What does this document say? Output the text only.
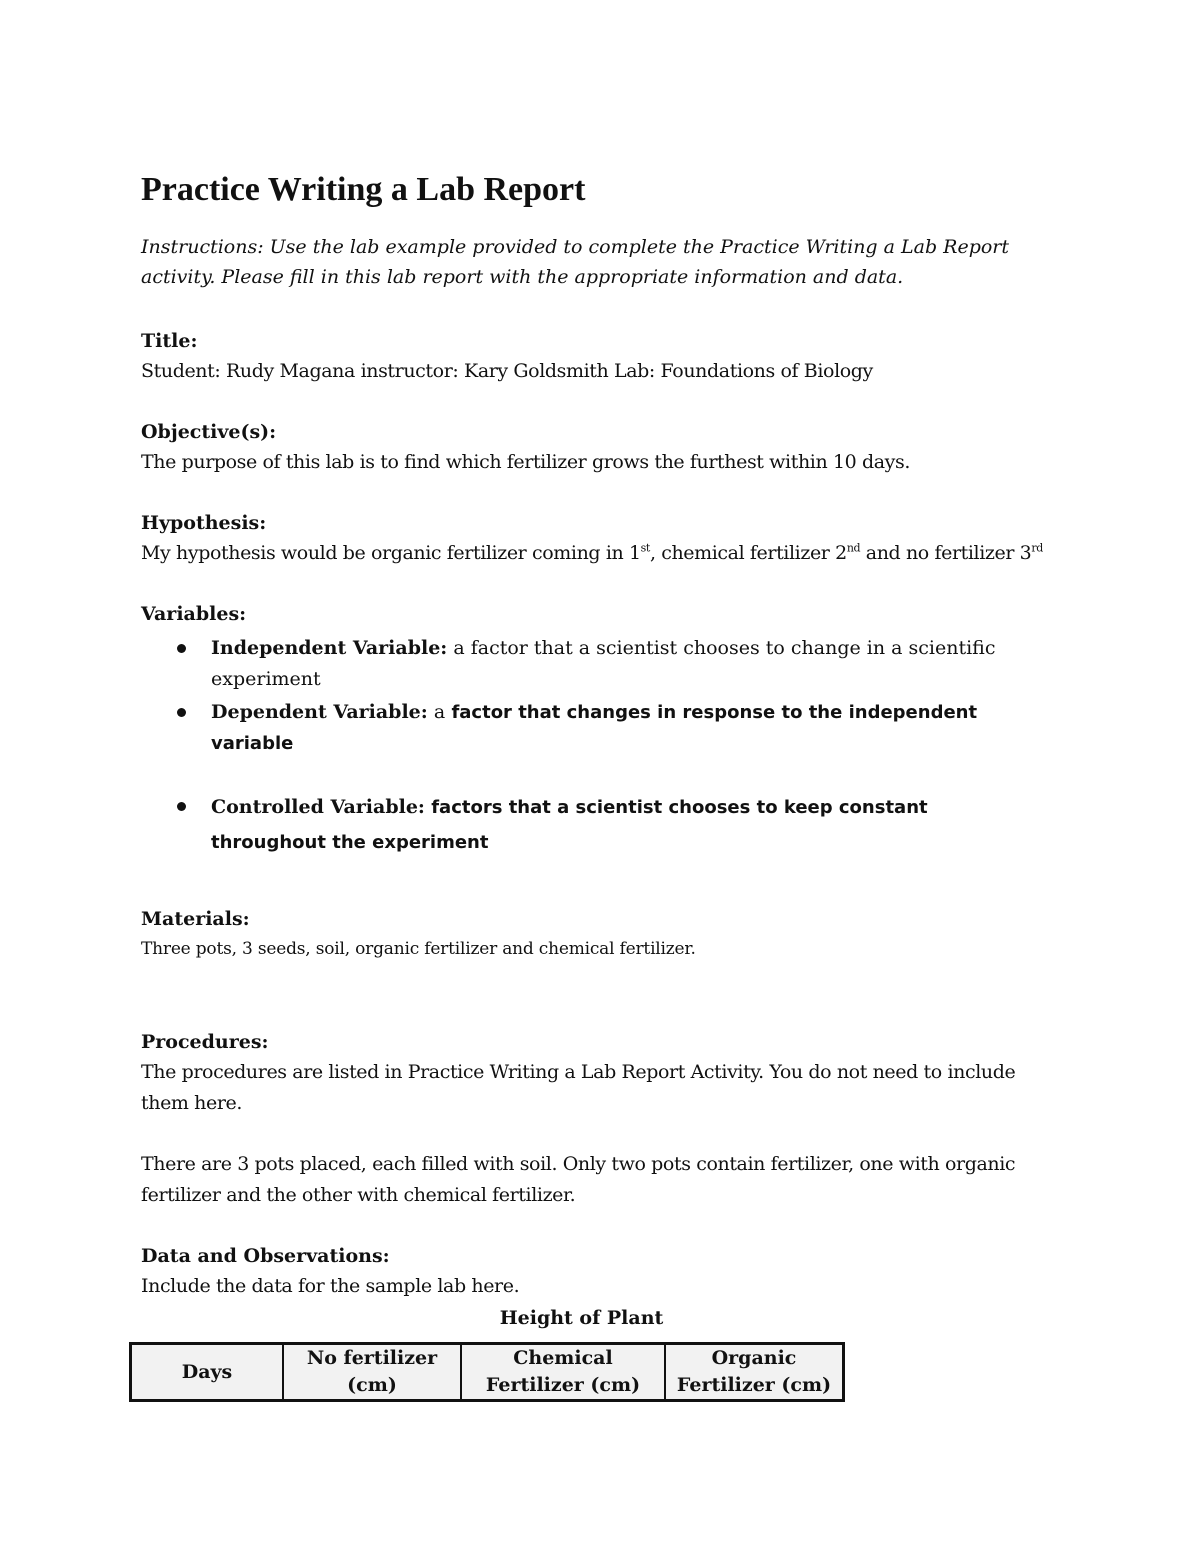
Practice Writing a Lab Report
Instructions: Use the lab example provided to complete the Practice Writing a Lab Report
activity. Please fill in this lab report with the appropriate information and data.
Title:
Student: Rudy Magana instructor: Kary Goldsmith Lab: Foundations of Biology
Objective(s):
The purpose of this lab is to find which fertilizer grows the furthest within 10 days.
Hypothesis:
My hypothesis would be organic fertilizer coming in 1st, chemical fertilizer 2nd and no fertilizer 3rd
Variables:
Independent Variable: a factor that a scientist chooses to change in a scientific experiment
Dependent Variable: a factor that changes in response to the independent variable
Controlled Variable: factors that a scientist chooses to keep constant throughout the experiment
Materials:
Three pots, 3 seeds, soil, organic fertilizer and chemical fertilizer.
Procedures:
The procedures are listed in Practice Writing a Lab Report Activity. You do not need to include them here.
There are 3 pots placed, each filled with soil. Only two pots contain fertilizer, one with organic fertilizer and the other with chemical fertilizer.
Data and Observations:
Include the data for the sample lab here.
Height of Plant
Days	No fertilizer (cm)	Chemical Fertilizer (cm)	Organic Fertilizer (cm)
